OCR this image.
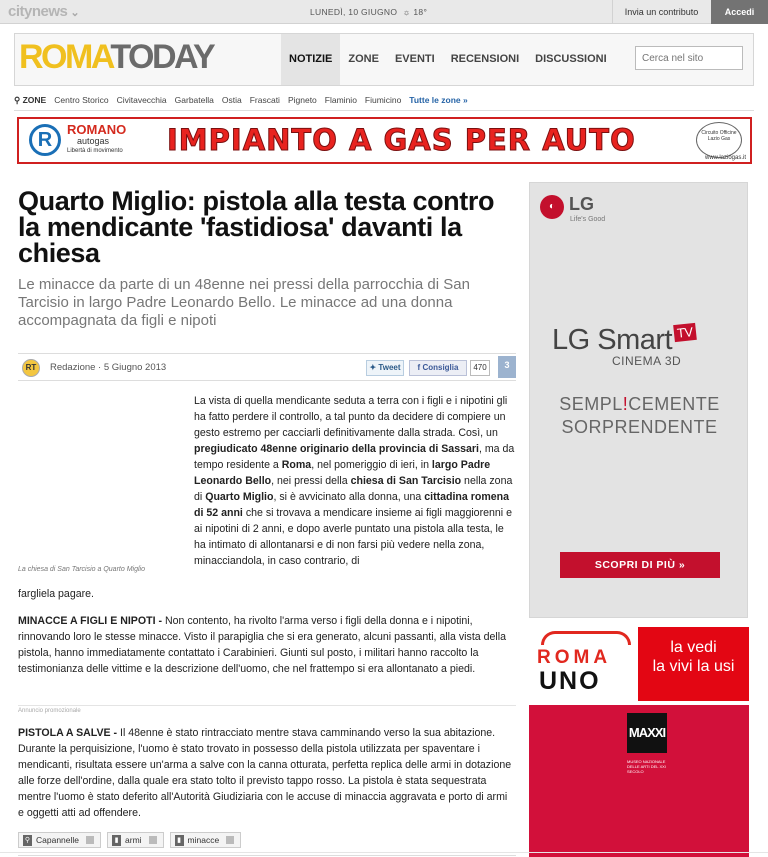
citynews ⌄	LUNEDÌ, 10 GIUGNO ☼ 18°	Invia un contributo	Accedi
ROMATODAY	NOTIZIE	ZONE	EVENTI	RECENSIONI	DISCUSSIONI
Cerca nel sito
⚲ ZONE Centro Storico Civitavecchia Garbatella Ostia Frascati Pigneto Flaminio Fiumicino Tutte le zone »
R	ROMANO
autogas
Libertà di movimento IMPIANTO A GAS PER AUTO	Circuito Officine Lazio Gas
www.laziogas.it
Quarto Miglio: pistola alla testa contro la mendicante 'fastidiosa' davanti la chiesa

Le minacce da parte di un 48enne nei pressi della parrocchia di San Tarcisio in largo Padre Leonardo Bello. Le minacce ad una donna accompagnata da figli e nipoti

RT	Redazione · 5 Giugno 2013	✦ Tweet	f Consiglia	470	3
La chiesa di San Tarcisio a Quarto Miglio
La vista di quella mendicante seduta a terra con i figli e i nipotini gli ha fatto perdere il controllo, a tal punto da decidere di compiere un gesto estremo per cacciarli definitivamente dalla strada. Così, un pregiudicato 48enne originario della provincia di Sassari, ma da tempo residente a Roma, nel pomeriggio di ieri, in largo Padre Leonardo Bello, nei pressi della chiesa di San Tarcisio nella zona di Quarto Miglio, si è avvicinato alla donna, una cittadina romena di 52 anni che si trovava a mendicare insieme ai figli maggiorenni e ai nipotini di 2 anni, e dopo averle puntato una pistola alla testa, le ha intimato di allontanarsi e di non farsi più vedere nella zona, minacciandola, in caso contrario, di
fargliela pagare.
MINACCE A FIGLI E NIPOTI - Non contento, ha rivolto l'arma verso i figli della donna e i nipotini, rinnovando loro le stesse minacce. Visto il parapiglia che si era generato, alcuni passanti, alla vista della pistola, hanno immediatamente contattato i Carabinieri. Giunti sul posto, i militari hanno raccolto la testimonianza delle vittime e la descrizione dell'uomo, che nel frattempo si era allontanato a piedi.
Annuncio promozionale
PISTOLA A SALVE - Il 48enne è stato rintracciato mentre stava camminando verso la sua abitazione. Durante la perquisizione, l'uomo è stato trovato in possesso della pistola utilizzata per spaventare i mendicanti, risultata essere un'arma a salve con la canna otturata, perfetta replica delle armi in dotazione alle forze dell'ordine, dalla quale era stato tolto il previsto tappo rosso. La pistola è stata sequestrata mentre l'uomo è stato deferito all'Autorità Giudiziaria con le accuse di minaccia aggravata e porto di armi e oggetti atti ad offendere.
⚲ Capannelle	▮ armi	▮ minacce
◐ LG
Life's Good
LG Smart TV
CINEMA 3D
SEMPL!CEMENTE
SORPRENDENTE
SCOPRI DI PIÙ »
ROMA
UNO
la vedi
la vivi la usi
MAXXI
MUSEO NAZIONALE DELLE ARTI DEL XXI SECOLO
